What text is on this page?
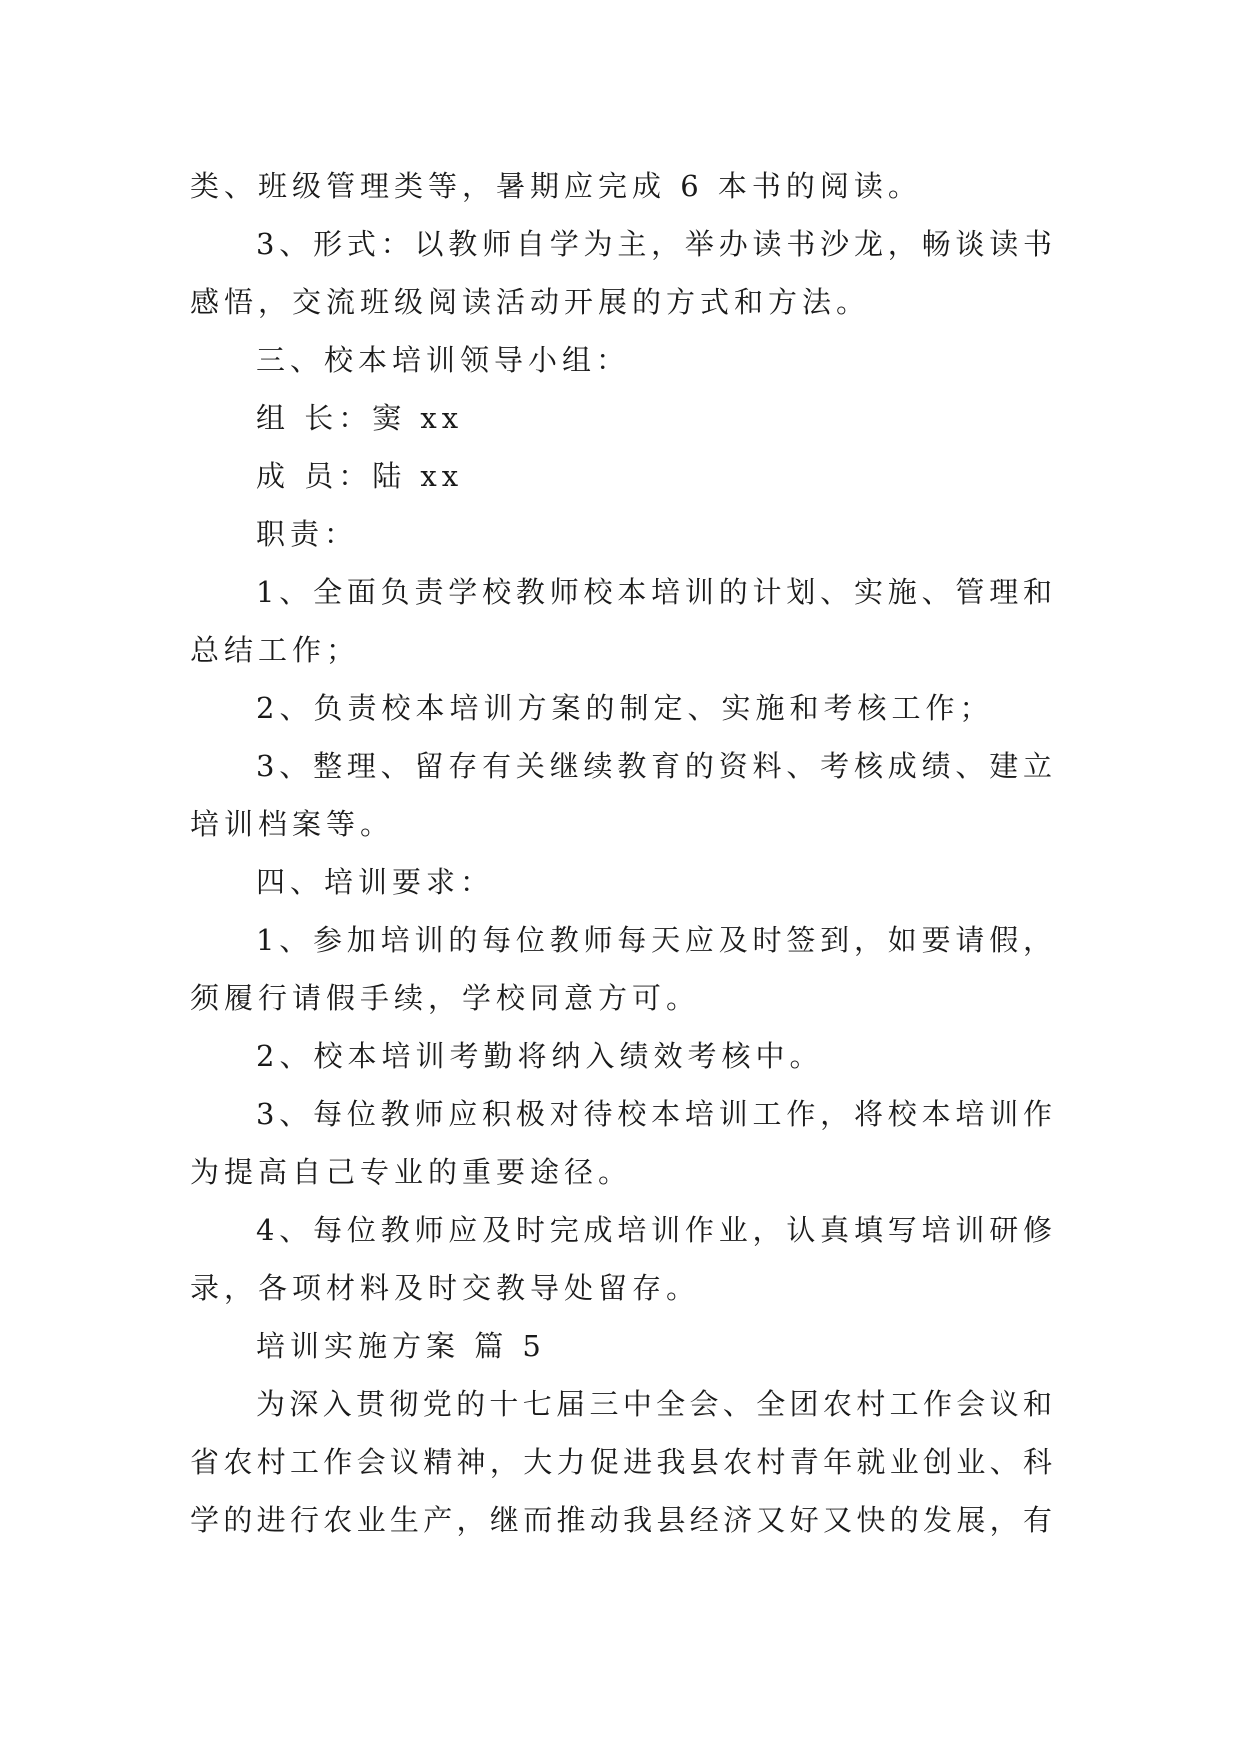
类、班级管理类等，暑期应完成 6 本书的阅读。
3、形式：以教师自学为主，举办读书沙龙，畅谈读书
感悟，交流班级阅读活动开展的方式和方法。
三、校本培训领导小组：
组 长：窦 xx
成 员：陆 xx
职责：
1、全面负责学校教师校本培训的计划、实施、管理和
总结工作；
2、负责校本培训方案的制定、实施和考核工作；
3、整理、留存有关继续教育的资料、考核成绩、建立
培训档案等。
四、培训要求：
1、参加培训的每位教师每天应及时签到，如要请假，
须履行请假手续，学校同意方可。
2、校本培训考勤将纳入绩效考核中。
3、每位教师应积极对待校本培训工作，将校本培训作
为提高自己专业的重要途径。
4、每位教师应及时完成培训作业，认真填写培训研修
录，各项材料及时交教导处留存。
培训实施方案 篇 5
为深入贯彻党的十七届三中全会、全团农村工作会议和
省农村工作会议精神，大力促进我县农村青年就业创业、科
学的进行农业生产，继而推动我县经济又好又快的发展，有
